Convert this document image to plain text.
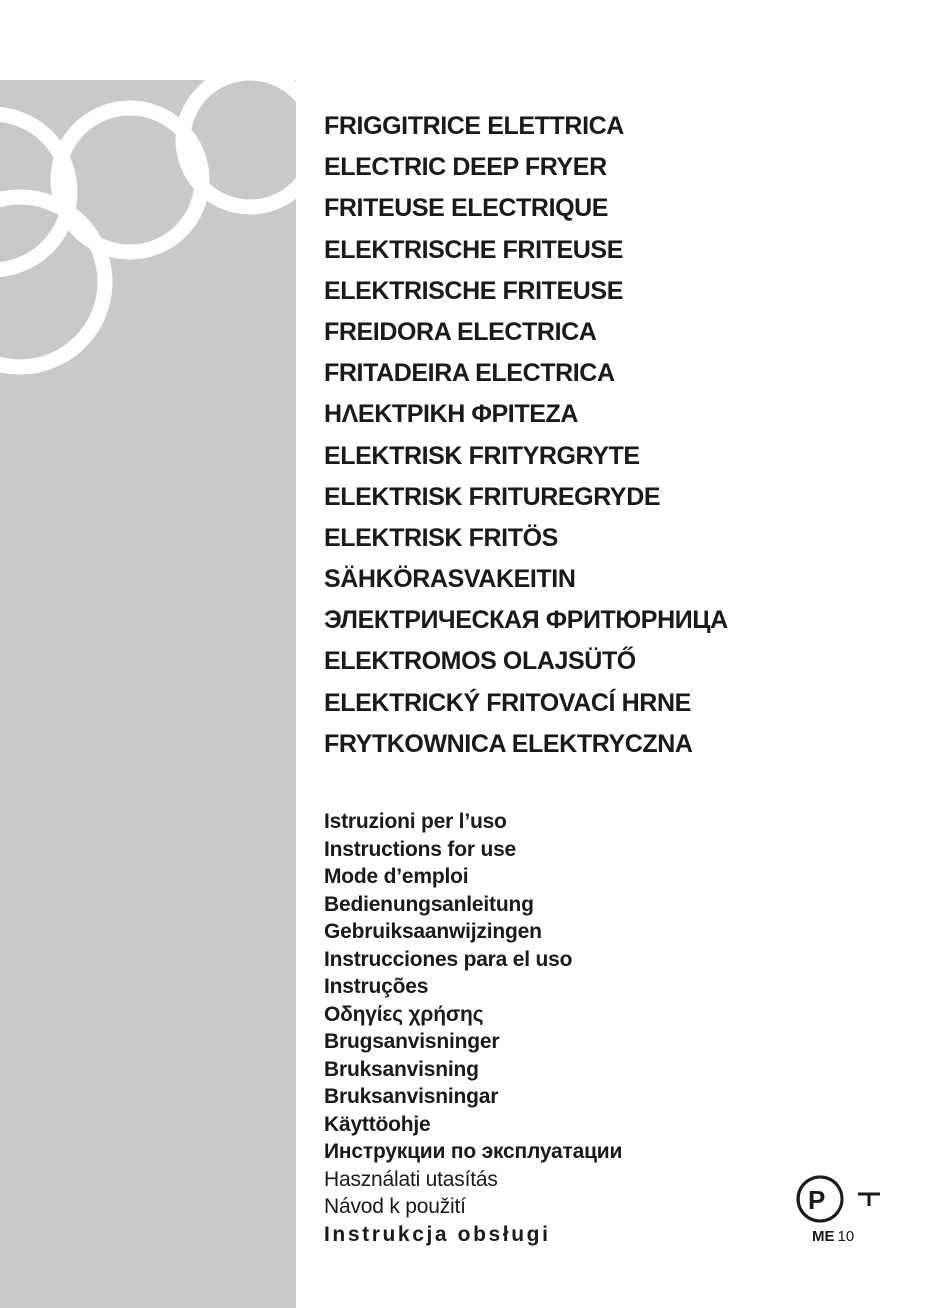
FRIGGITRICE ELETTRICA
ELECTRIC DEEP FRYER
FRITEUSE ELECTRIQUE
ELEKTRISCHE FRITEUSE
ELEKTRISCHE FRITEUSE
FREIDORA ELECTRICA
FRITADEIRA ELECTRICA
ΗΛΕΚΤΡΙΚΗ ΦΡΙΤΕΖΑ
ELEKTRISK FRITYRGRYTE
ELEKTRISK FRITUREGRYDE
ELEKTRISK FRITÖS
SÄHKÖRASVAKEITIN
ЭЛЕКТРИЧЕСКАЯ ФРИТЮРНИЦА
ELEKTROMOS OLAJSÜTŐ
ELEKTRICKÝ FRITOVACÍ HRNE
FRYTKOWNICA ELEKTRYCZNA
Istruzioni per l’uso
Instructions for use
Mode d’emploi
Bedienungsanleitung
Gebruiksaanwijzingen
Instrucciones para el uso
Instruções
Οδηγίες χρήσης
Brugsanvisninger
Bruksanvisning
Bruksanvisningar
Käyttöohje
Инструкции по эксплуатации
Használati utasítás
Návod k použití
Instrukcja obsługi
P
ME 10
